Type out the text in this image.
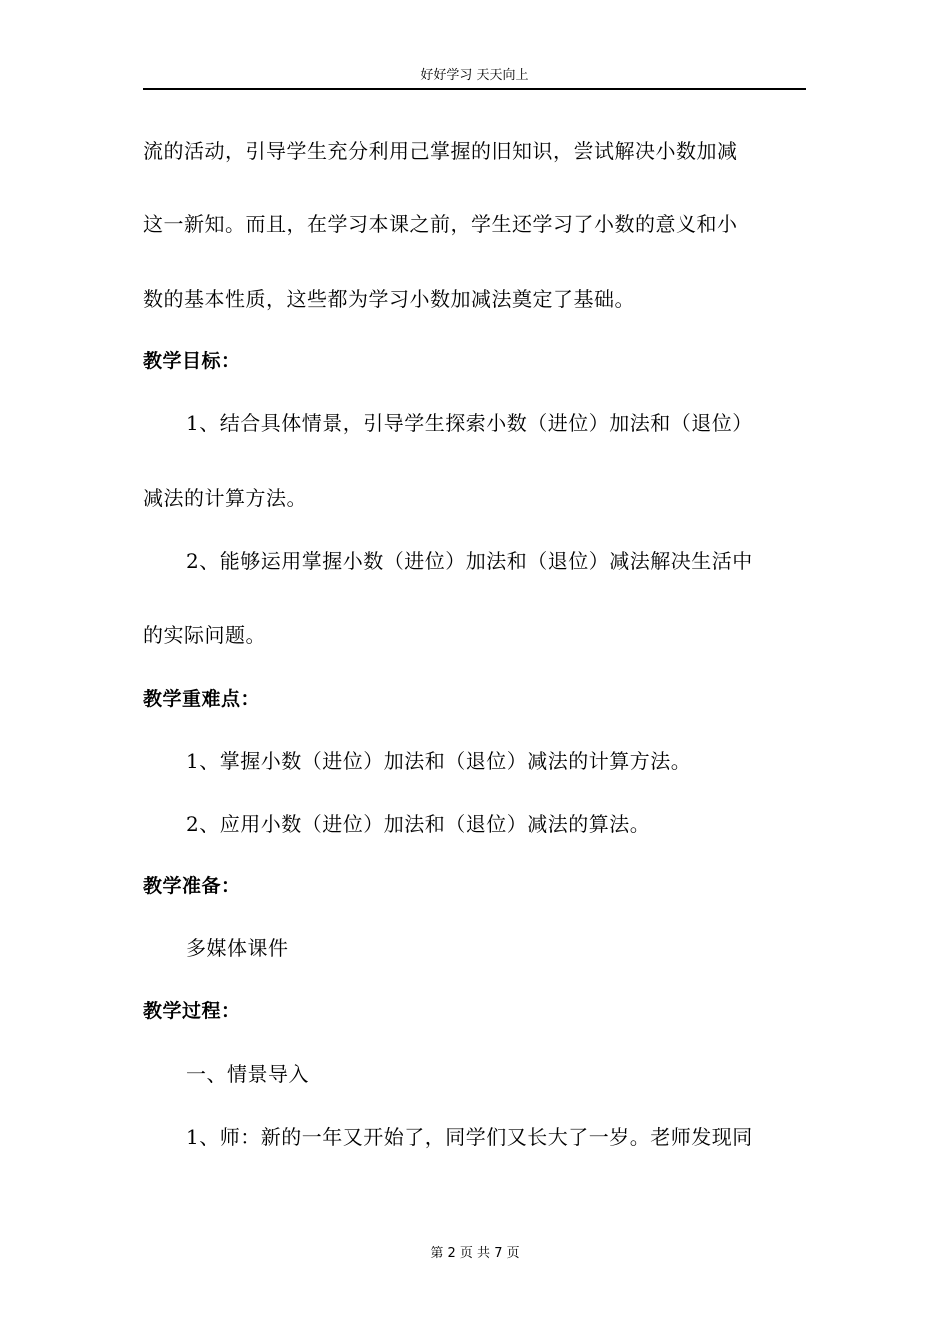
好好学习 天天向上
流的活动，引导学生充分利用己掌握的旧知识，尝试解决小数加减
这一新知。而且，在学习本课之前，学生还学习了小数的意义和小
数的基本性质，这些都为学习小数加减法奠定了基础。
教学目标：
1、结合具体情景，引导学生探索小数（进位）加法和（退位）
减法的计算方法。
2、能够运用掌握小数（进位）加法和（退位）减法解决生活中
的实际问题。
教学重难点：
1、掌握小数（进位）加法和（退位）减法的计算方法。
2、应用小数（进位）加法和（退位）减法的算法。
教学准备：
多媒体课件
教学过程：
一、情景导入
1、师：新的一年又开始了，同学们又长大了一岁。老师发现同
第 2 页 共 7 页
